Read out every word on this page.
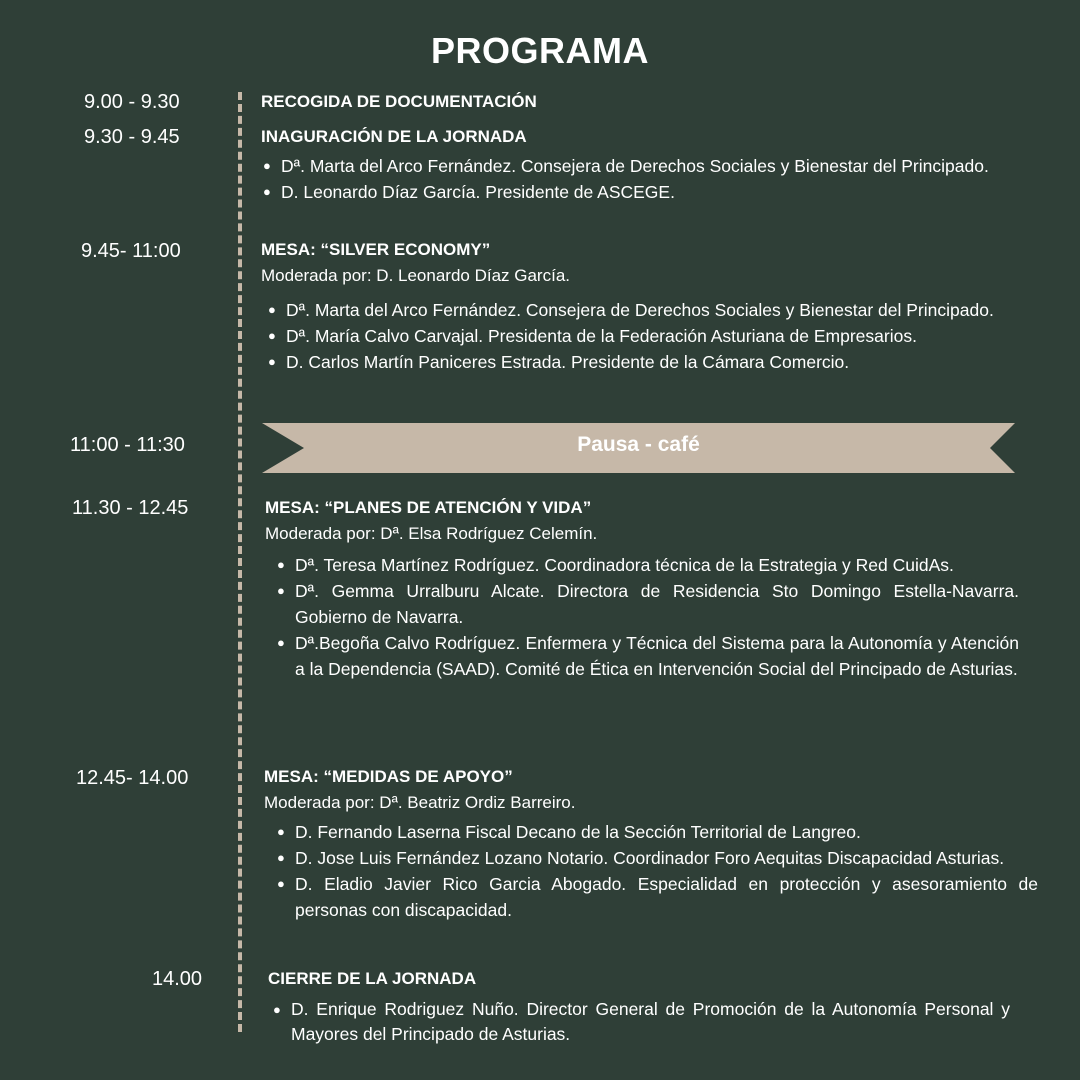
PROGRAMA
9.00 - 9.30	RECOGIDA DE DOCUMENTACIÓN

9.30 - 9.45	INAGURACIÓN DE LA JORNADA

● Dª. Marta del Arco Fernández. Consejera de Derechos Sociales y Bienestar del Principado.
● D. Leonardo Díaz García. Presidente de ASCEGE.
9.45- 11:00	MESA: “SILVER ECONOMY”

Moderada por: D. Leonardo Díaz García.

● Dª. Marta del Arco Fernández. Consejera de Derechos Sociales y Bienestar del Principado.
● Dª. María Calvo Carvajal. Presidenta de la Federación Asturiana de Empresarios.
● D. Carlos Martín Paniceres Estrada. Presidente de la Cámara Comercio.
11:00 - 11:30	Pausa - café
11.30 - 12.45	MESA: “PLANES DE ATENCIÓN Y VIDA”

Moderada por: Dª. Elsa Rodríguez Celemín.

● Dª. Teresa Martínez Rodríguez. Coordinadora técnica de la Estrategia y Red CuidAs.
● Dª. Gemma Urralburu Alcate. Directora de Residencia Sto Domingo Estella-Navarra. Gobierno de Navarra.
● Dª.Begoña Calvo Rodríguez. Enfermera y Técnica del Sistema para la Autonomía y Atención a la Dependencia (SAAD). Comité de Ética en Intervención Social del Principado de Asturias.
12.45- 14.00	MESA: “MEDIDAS DE APOYO”

Moderada por: Dª. Beatriz Ordiz Barreiro.

● D. Fernando Laserna Fiscal Decano de la Sección Territorial de Langreo.
● D. Jose Luis Fernández Lozano Notario. Coordinador Foro Aequitas Discapacidad Asturias.
● D. Eladio Javier Rico Garcia Abogado. Especialidad en protección y asesoramiento de personas con discapacidad.
14.00	CIERRE DE LA JORNADA

● D. Enrique Rodriguez Nuño. Director General de Promoción de la Autonomía Personal y Mayores del Principado de Asturias.
